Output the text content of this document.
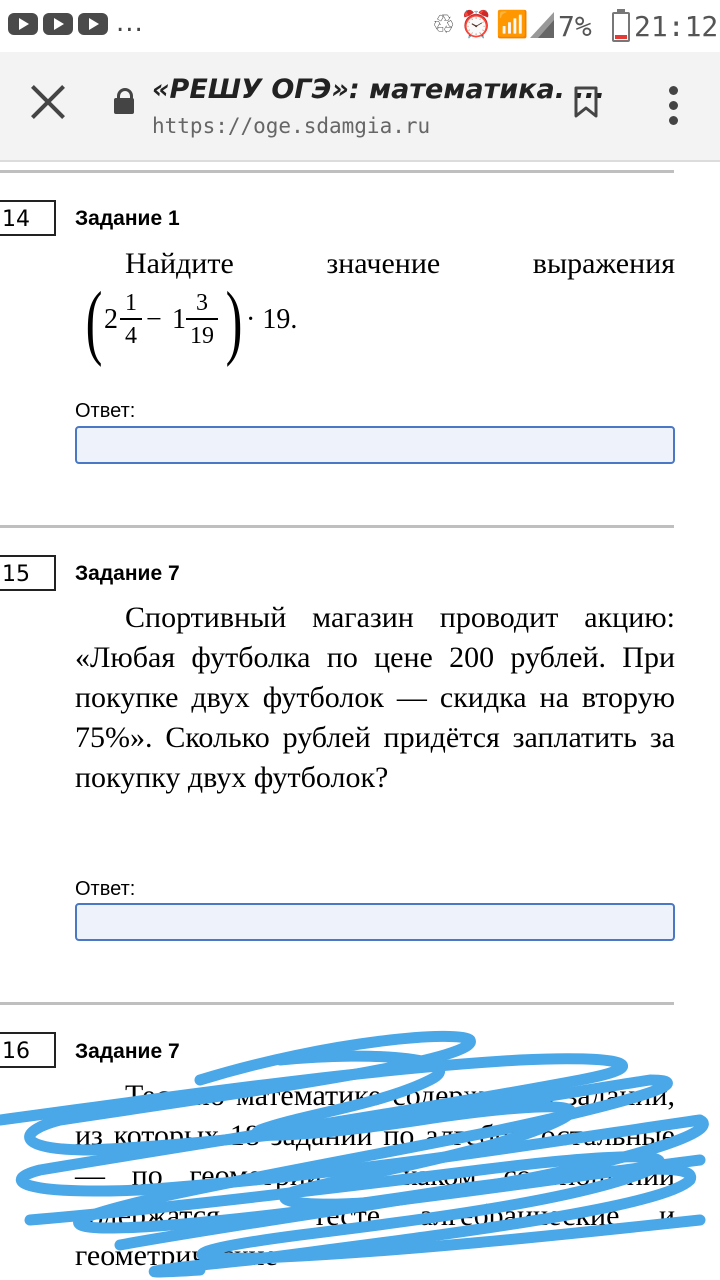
...	♲ ⏰ 📶 7% 21:12
«РЕШУ ОГЭ»: математика. ...
https://oge.sdamgia.ru
14	Задание 1
Найдите значение выражения
( 2
1
4
− 1
3
19 ) · 19.
Ответ:
15	Задание 7

Спортивный магазин проводит акцию: «Любая футболка по цене 200 рублей. При покупке двух футболок — скидка на вторую 75%». Сколько рублей придётся заплатить за покупку двух футболок?

Ответ:
16	Задание 7

Тест по математике содержит 30 заданий, из которых 18 заданий по алгебре, остальные — по геометрии. В каком соотношении содержатся в тесте алгебраические и геометрические
